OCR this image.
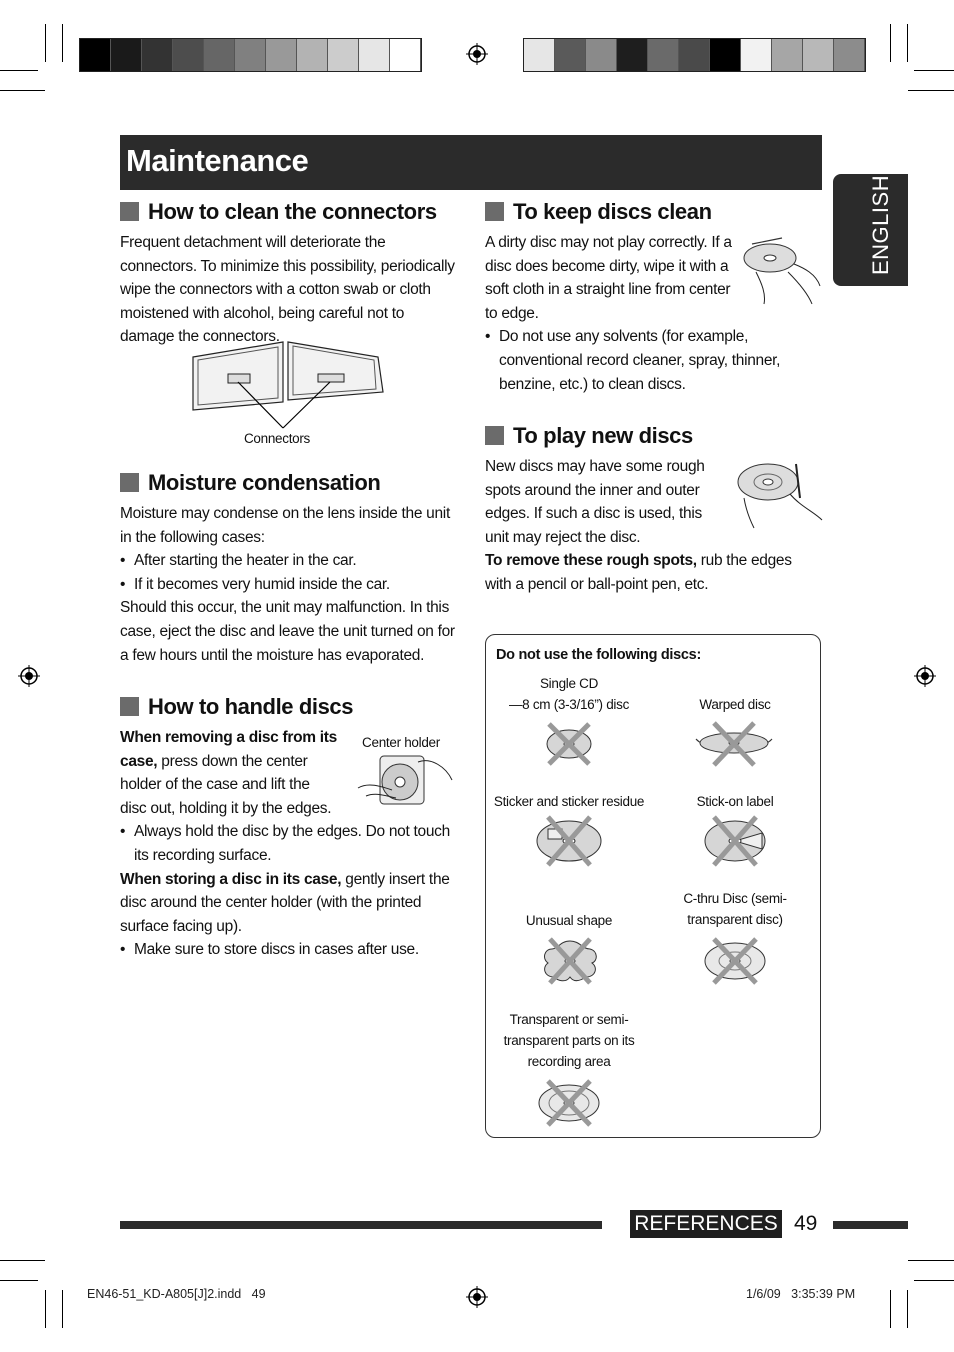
Maintenance
ENGLISH
How to clean the connectors

Frequent detachment will deteriorate the connectors. To minimize this possibility, periodically wipe the connectors with a cotton swab or cloth moistened with alcohol, being careful not to damage the connectors.

Connectors
Moisture condensation

Moisture may condense on the lens inside the unit in the following cases:

• After starting the heater in the car.

• If it becomes very humid inside the car.

Should this occur, the unit may malfunction. In this case, eject the disc and leave the unit turned on for a few hours until the moisture has evaporated.

How to handle discs
Center holder

When removing a disc from its case, press down the center holder of the case and lift the disc out, holding it by the edges.

• Always hold the disc by the edges. Do not touch its recording surface.

When storing a disc in its case, gently insert the disc around the center holder (with the printed surface facing up).

• Make sure to store discs in cases after use.

To keep discs clean

A dirty disc may not play correctly. If a disc does become dirty, wipe it with a soft cloth in a straight line from center to edge.

• Do not use any solvents (for example, conventional record cleaner, spray, thinner, benzine, etc.) to clean discs.

To play new discs

New discs may have some rough spots around the inner and outer edges. If such a disc is used, this unit may reject the disc.

To remove these rough spots, rub the edges with a pencil or ball-point pen, etc.

Do not use the following discs:
Single CD
—8 cm (3-3/16”) disc	Warped disc
Sticker and sticker residue	Stick-on label
Unusual shape
C-thru Disc (semi-
transparent disc)
Transparent or semi-
transparent parts on its
recording area
REFERENCES 49
EN46-51_KD-A805[J]2.indd   49	1/6/09   3:35:39 PM
